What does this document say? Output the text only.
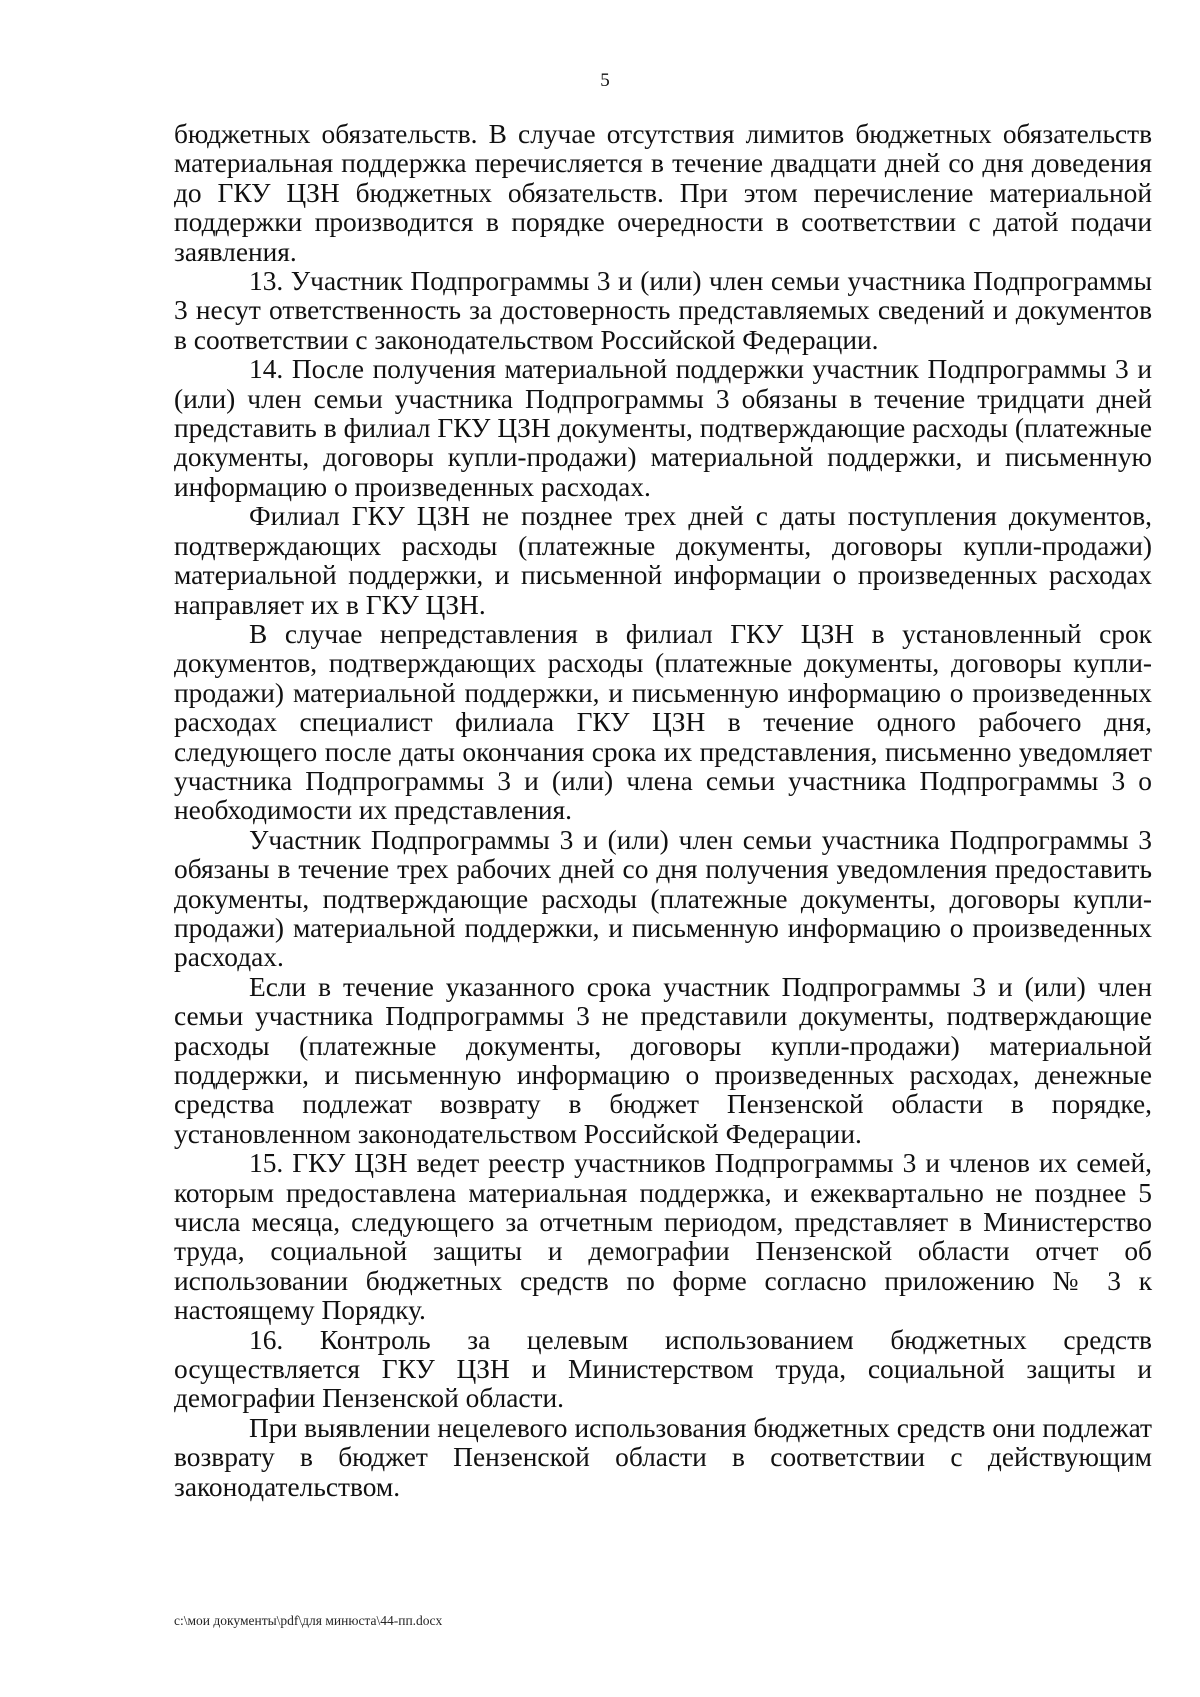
5

бюджетных обязательств. В случае отсутствия лимитов бюджетных обязательств материальная поддержка перечисляется в течение двадцати дней со дня доведения до ГКУ ЦЗН бюджетных обязательств. При этом перечисление материальной поддержки производится в порядке очередности в соответствии с датой подачи заявления.

13. Участник Подпрограммы 3 и (или) член семьи участника Подпрограммы 3 несут ответственность за достоверность представляемых сведений и документов в соответствии с законодательством Российской Федерации.

14. После получения материальной поддержки участник Подпрограммы 3 и (или) член семьи участника Подпрограммы 3 обязаны в течение тридцати дней представить в филиал ГКУ ЦЗН документы, подтверждающие расходы (платежные документы, договоры купли-продажи) материальной поддержки, и письменную информацию о произведенных расходах.

Филиал ГКУ ЦЗН не позднее трех дней с даты поступления документов, подтверждающих расходы (платежные документы, договоры купли-продажи) материальной поддержки, и письменной информации о произведенных расходах направляет их в ГКУ ЦЗН.

В случае непредставления в филиал ГКУ ЦЗН в установленный срок документов, подтверждающих расходы (платежные документы, договоры купли-продажи) материальной поддержки, и письменную информацию о произведенных расходах специалист филиала ГКУ ЦЗН в течение одного рабочего дня, следующего после даты окончания срока их представления, письменно уведомляет участника Подпрограммы 3 и (или) члена семьи участника Подпрограммы 3 о необходимости их представления.

Участник Подпрограммы 3 и (или) член семьи участника Подпрограммы 3 обязаны в течение трех рабочих дней со дня получения уведомления предоставить документы, подтверждающие расходы (платежные документы, договоры купли-продажи) материальной поддержки, и письменную информацию о произведенных расходах.

Если в течение указанного срока участник Подпрограммы 3 и (или) член семьи участника Подпрограммы 3 не представили документы, подтверждающие расходы (платежные документы, договоры купли-продажи) материальной поддержки, и письменную информацию о произведенных расходах, денежные средства подлежат возврату в бюджет Пензенской области в порядке, установленном законодательством Российской Федерации.

15. ГКУ ЦЗН ведет реестр участников Подпрограммы 3 и членов их семей, которым предоставлена материальная поддержка, и ежеквартально не позднее 5 числа месяца, следующего за отчетным периодом, представляет в Министерство труда, социальной защиты и демографии Пензенской области отчет об использовании бюджетных средств по форме согласно приложению № 3 к настоящему Порядку.

16. Контроль за целевым использованием бюджетных средств осуществляется ГКУ ЦЗН и Министерством труда, социальной защиты и демографии Пензенской области.

При выявлении нецелевого использования бюджетных средств они подлежат возврату в бюджет Пензенской области в соответствии с действующим законодательством.

c:\мои документы\pdf\для минюста\44-пп.docx
